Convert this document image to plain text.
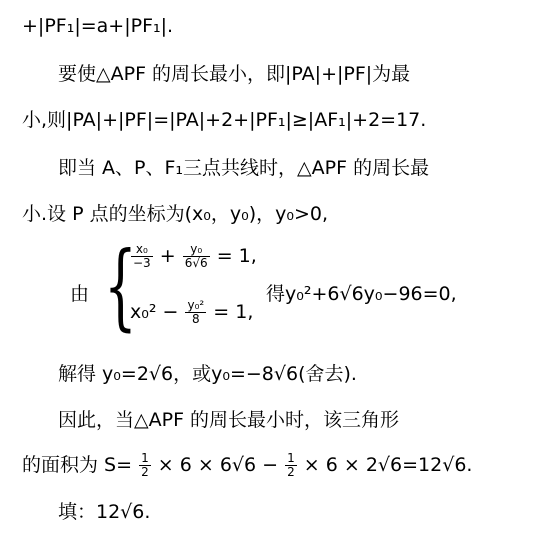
+|PF₁|=a+|PF₁|.
要使△APF 的周长最小，即|PA|+|PF|为最
小,则|PA|+|PF|=|PA|+2+|PF₁|≥|AF₁|+2=17.
即当 A、P、F₁三点共线时，△APF 的周长最
小.设 P 点的坐标为(x₀，y₀)，y₀>0,
由 {
$\frac{\text{x₀}}{-3} + \frac{\text{y₀}}{6√6} = 1$,
$x_0^2 - \frac{\text{y₀²}}{8} = 1$,
得y₀²+6√6y₀−96=0,
解得 y₀=2√6，或y₀=−8√6(舍去).
因此，当△APF 的周长最小时，该三角形
的面积为 $S= \frac{1}{2} \times 6 \times 6√6 - \frac{1}{2} \times 6 \times 2√6=12√6$.
填：12√6.
